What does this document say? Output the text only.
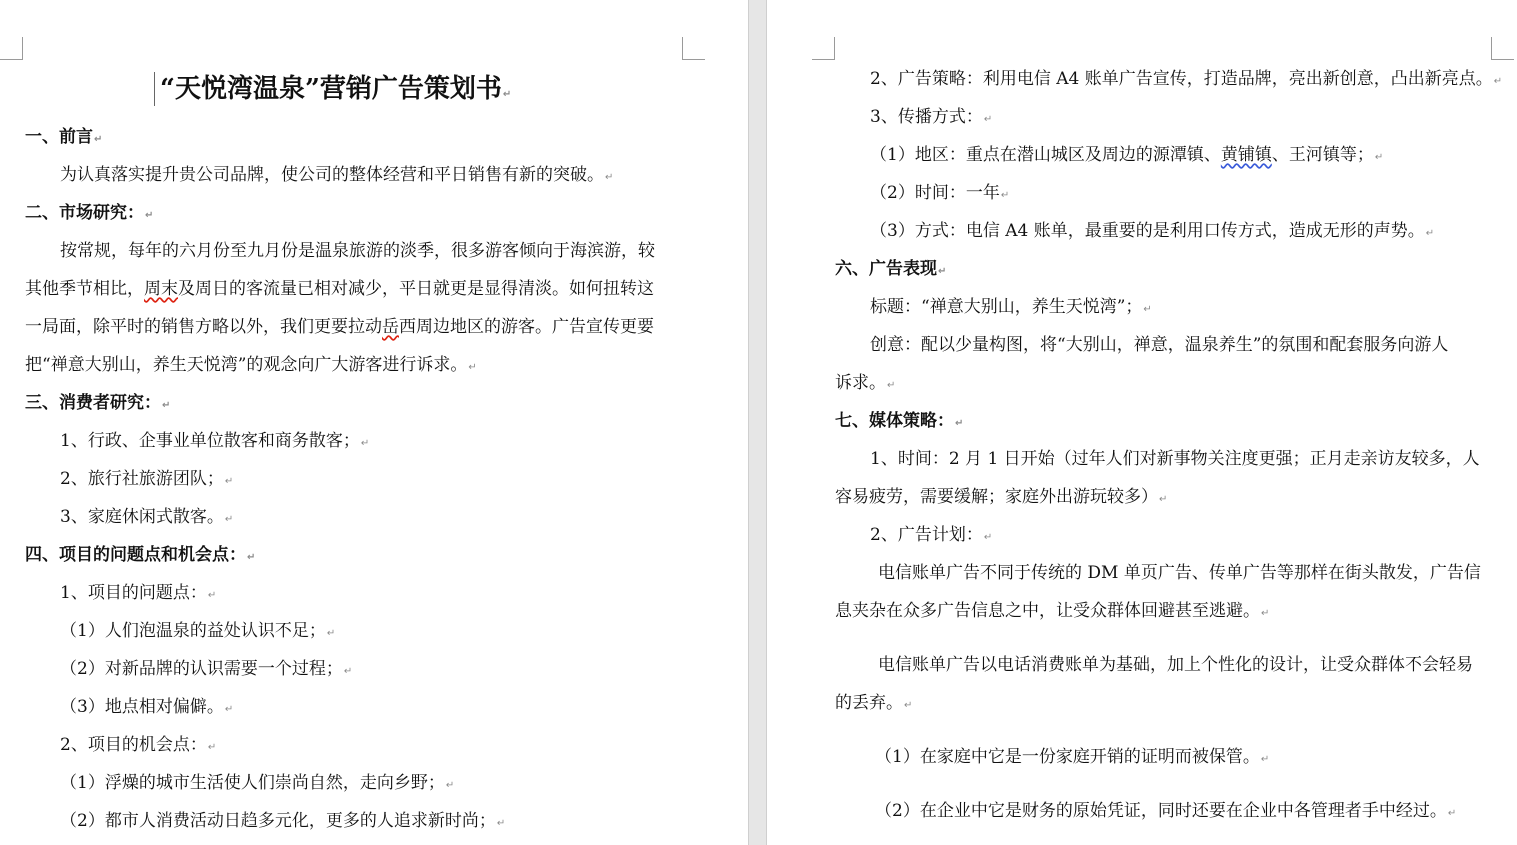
“天悦湾温泉”营销广告策划书↵
一、前言↵
为认真落实提升贵公司品牌，使公司的整体经营和平日销售有新的突破。↵
二、市场研究：↵
按常规，每年的六月份至九月份是温泉旅游的淡季，很多游客倾向于海滨游，较
其他季节相比，周末及周日的客流量已相对减少，平日就更是显得清淡。如何扭转这
一局面，除平时的销售方略以外，我们更要拉动岳西周边地区的游客。广告宣传更要
把“禅意大别山，养生天悦湾”的观念向广大游客进行诉求。↵
三、消费者研究：↵
1、行政、企事业单位散客和商务散客；↵
2、旅行社旅游团队；↵
3、家庭休闲式散客。↵
四、项目的问题点和机会点：↵
1、项目的问题点：↵
（1）人们泡温泉的益处认识不足；↵
（2）对新品牌的认识需要一个过程；↵
（3）地点相对偏僻。↵
2、项目的机会点：↵
（1）浮燥的城市生活使人们崇尚自然，走向乡野；↵
（2）都市人消费活动日趋多元化，更多的人追求新时尚；↵
2、广告策略：利用电信 A4 账单广告宣传，打造品牌，亮出新创意，凸出新亮点。↵
3、传播方式：↵
（1）地区：重点在潜山城区及周边的源潭镇、黄铺镇、王河镇等；↵
（2）时间：一年↵
（3）方式：电信 A4 账单，最重要的是利用口传方式，造成无形的声势。↵
六、广告表现↵
标题：“禅意大别山，养生天悦湾”；↵
创意：配以少量构图，将“大别山，禅意，温泉养生”的氛围和配套服务向游人
诉求。↵
七、媒体策略：↵
1、时间：2 月 1 日开始（过年人们对新事物关注度更强；正月走亲访友较多，人
容易疲劳，需要缓解；家庭外出游玩较多）↵
2、广告计划：↵
电信账单广告不同于传统的 DM 单页广告、传单广告等那样在街头散发，广告信
息夹杂在众多广告信息之中，让受众群体回避甚至逃避。↵
电信账单广告以电话消费账单为基础，加上个性化的设计，让受众群体不会轻易
的丢弃。↵
（1）在家庭中它是一份家庭开销的证明而被保管。↵
（2）在企业中它是财务的原始凭证，同时还要在企业中各管理者手中经过。↵
